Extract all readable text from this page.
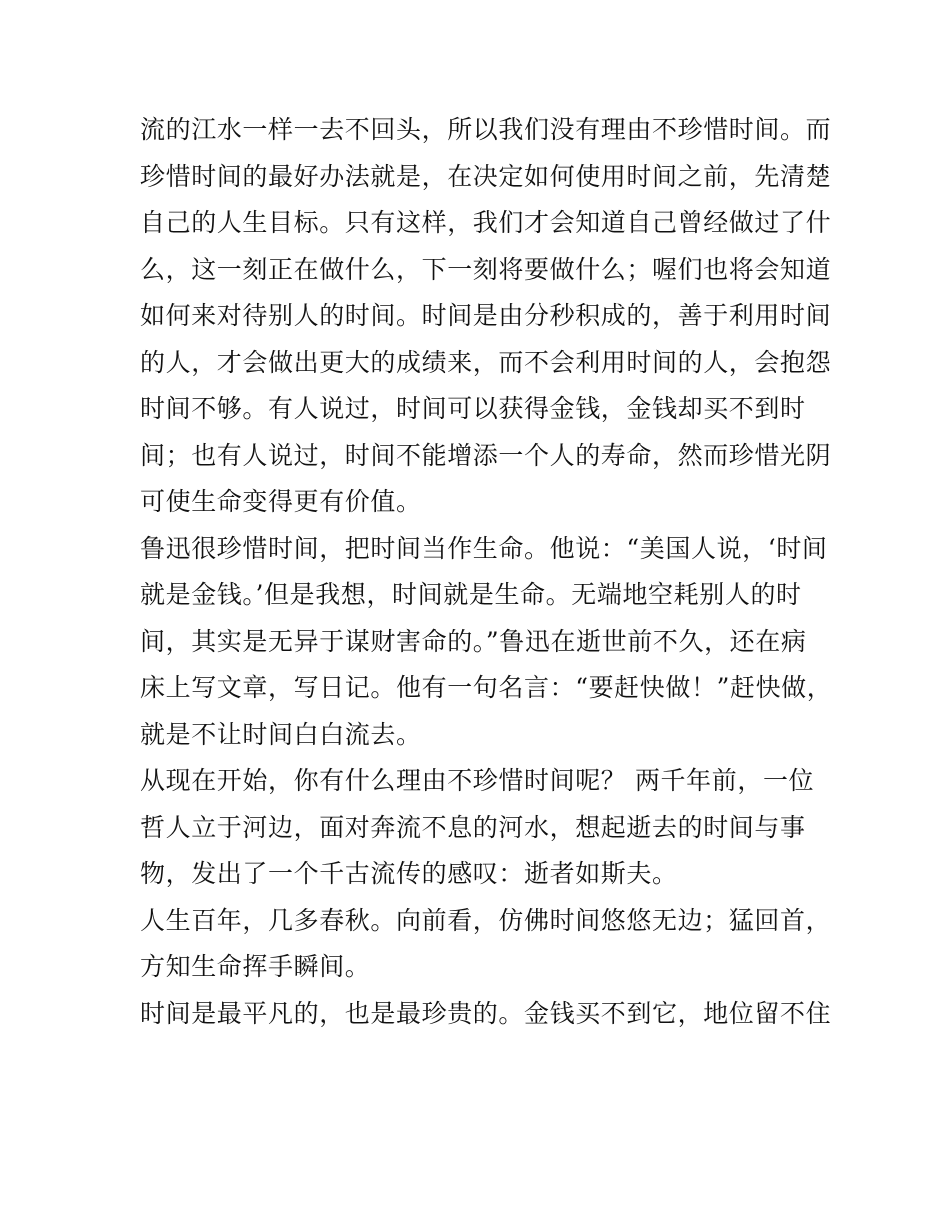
流的江水一样一去不回头，所以我们没有理由不珍惜时间。而
珍惜时间的最好办法就是，在决定如何使用时间之前，先清楚
自己的人生目标。只有这样，我们才会知道自己曾经做过了什
么，这一刻正在做什么，下一刻将要做什么；喔们也将会知道
如何来对待别人的时间。时间是由分秒积成的，善于利用时间
的人，才会做出更大的成绩来，而不会利用时间的人，会抱怨
时间不够。有人说过，时间可以获得金钱，金钱却买不到时
间；也有人说过，时间不能增添一个人的寿命，然而珍惜光阴
可使生命变得更有价值。
鲁迅很珍惜时间，把时间当作生命。他说：“美国人说，‘时间
就是金钱。’但是我想，时间就是生命。无端地空耗别人的时
间，其实是无异于谋财害命的。”鲁迅在逝世前不久，还在病
床上写文章，写日记。他有一句名言：“要赶快做！”赶快做，
就是不让时间白白流去。
从现在开始，你有什么理由不珍惜时间呢？ 两千年前，一位
哲人立于河边，面对奔流不息的河水，想起逝去的时间与事
物，发出了一个千古流传的感叹：逝者如斯夫。
人生百年，几多春秋。向前看，仿佛时间悠悠无边；猛回首，
方知生命挥手瞬间。
时间是最平凡的，也是最珍贵的。金钱买不到它，地位留不住
